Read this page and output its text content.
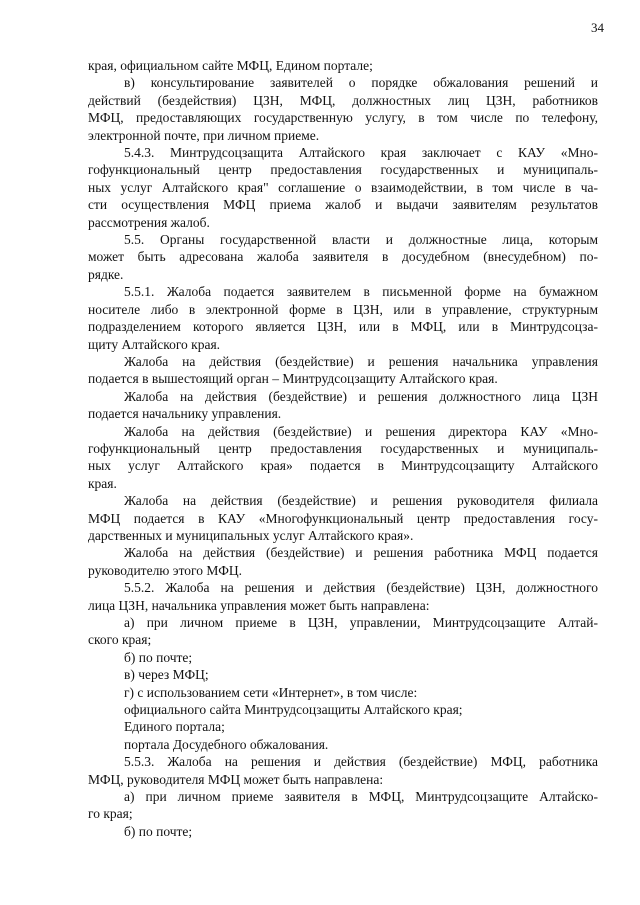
34
края, официальном сайте МФЦ, Едином портале;
в) консультирование заявителей о порядке обжалования решений и
действий (бездействия) ЦЗН, МФЦ, должностных лиц ЦЗН, работников
МФЦ, предоставляющих государственную услугу, в том числе по телефону,
электронной почте, при личном приеме.
5.4.3. Минтрудсоцзащита Алтайского края заключает с КАУ «Мно-
гофункциональный центр предоставления государственных и муниципаль-
ных услуг Алтайского края" соглашение о взаимодействии, в том числе в ча-
сти осуществления МФЦ приема жалоб и выдачи заявителям результатов
рассмотрения жалоб.
5.5. Органы государственной власти и должностные лица, которым
может быть адресована жалоба заявителя в досудебном (внесудебном) по-
рядке.
5.5.1. Жалоба подается заявителем в письменной форме на бумажном
носителе либо в электронной форме в ЦЗН, или в управление, структурным
подразделением которого является ЦЗН, или в МФЦ, или в Минтрудсоцза-
щиту Алтайского края.
Жалоба на действия (бездействие) и решения начальника управления
подается в вышестоящий орган – Минтрудсоцзащиту Алтайского края.
Жалоба на действия (бездействие) и решения должностного лица ЦЗН
подается начальнику управления.
Жалоба на действия (бездействие) и решения директора КАУ «Мно-
гофункциональный центр предоставления государственных и муниципаль-
ных услуг Алтайского края» подается в Минтрудсоцзащиту Алтайского
края.
Жалоба на действия (бездействие) и решения руководителя филиала
МФЦ подается в КАУ «Многофункциональный центр предоставления госу-
дарственных и муниципальных услуг Алтайского края».
Жалоба на действия (бездействие) и решения работника МФЦ подается
руководителю этого МФЦ.
5.5.2. Жалоба на решения и действия (бездействие) ЦЗН, должностного
лица ЦЗН, начальника управления может быть направлена:
а) при личном приеме в ЦЗН, управлении, Минтрудсоцзащите Алтай-
ского края;
б) по почте;
в) через МФЦ;
г) с использованием сети «Интернет», в том числе:
официального сайта Минтрудсоцзащиты Алтайского края;
Единого портала;
портала Досудебного обжалования.
5.5.3. Жалоба на решения и действия (бездействие) МФЦ, работника
МФЦ, руководителя МФЦ может быть направлена:
а) при личном приеме заявителя в МФЦ, Минтрудсоцзащите Алтайско-
го края;
б) по почте;
